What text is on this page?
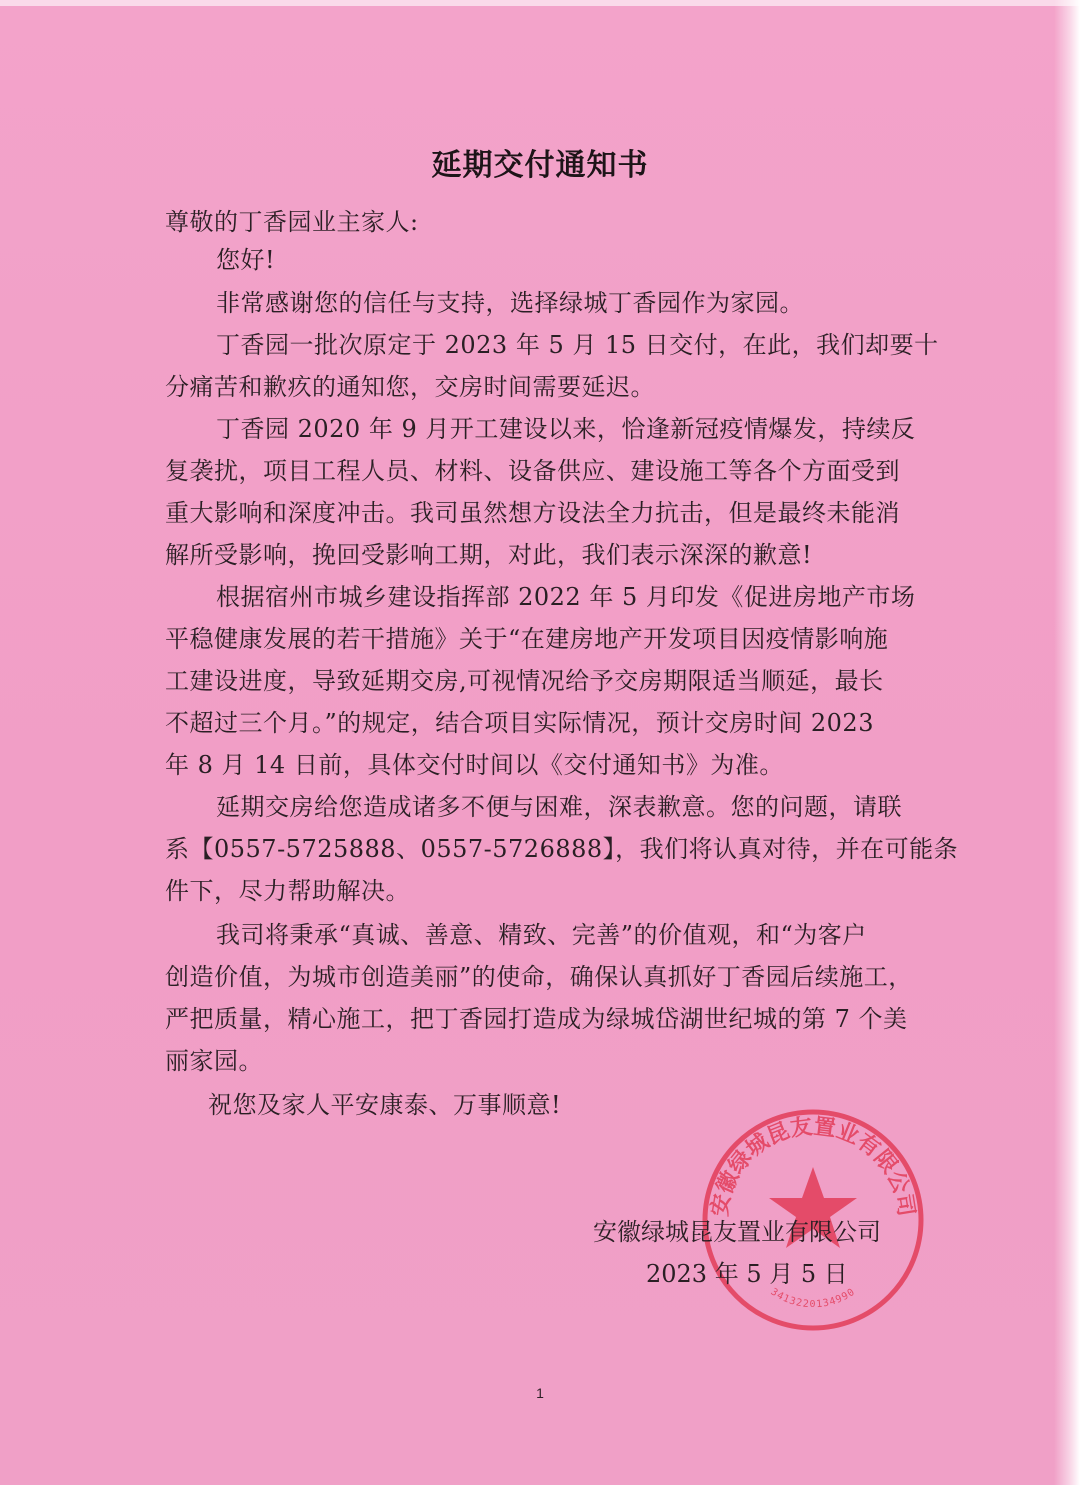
延期交付通知书
尊敬的丁香园业主家人:
您好!
非常感谢您的信任与支持，选择绿城丁香园作为家园。
丁香园一批次原定于 2023 年 5 月 15 日交付，在此，我们却要十
分痛苦和歉疚的通知您，交房时间需要延迟。
丁香园 2020 年 9 月开工建设以来，恰逢新冠疫情爆发，持续反
复袭扰，项目工程人员、材料、设备供应、建设施工等各个方面受到
重大影响和深度冲击。我司虽然想方设法全力抗击，但是最终未能消
解所受影响，挽回受影响工期，对此，我们表示深深的歉意!
根据宿州市城乡建设指挥部 2022 年 5 月印发《促进房地产市场
平稳健康发展的若干措施》关于“在建房地产开发项目因疫情影响施
工建设进度，导致延期交房,可视情况给予交房期限适当顺延，最长
不超过三个月。”的规定，结合项目实际情况，预计交房时间 2023
年 8 月 14 日前，具体交付时间以《交付通知书》为准。
延期交房给您造成诸多不便与困难，深表歉意。您的问题，请联
系【0557-5725888、0557-5726888】，我们将认真对待，并在可能条
件下，尽力帮助解决。
我司将秉承“真诚、善意、精致、完善”的价值观，和“为客户
创造价值，为城市创造美丽”的使命，确保认真抓好丁香园后续施工，
严把质量，精心施工，把丁香园打造成为绿城岱湖世纪城的第 7 个美
丽家园。
祝您及家人平安康泰、万事顺意!
安徽绿城昆友置业有限公司
3413220134990
安徽绿城昆友置业有限公司
2023 年 5 月 5 日
1
